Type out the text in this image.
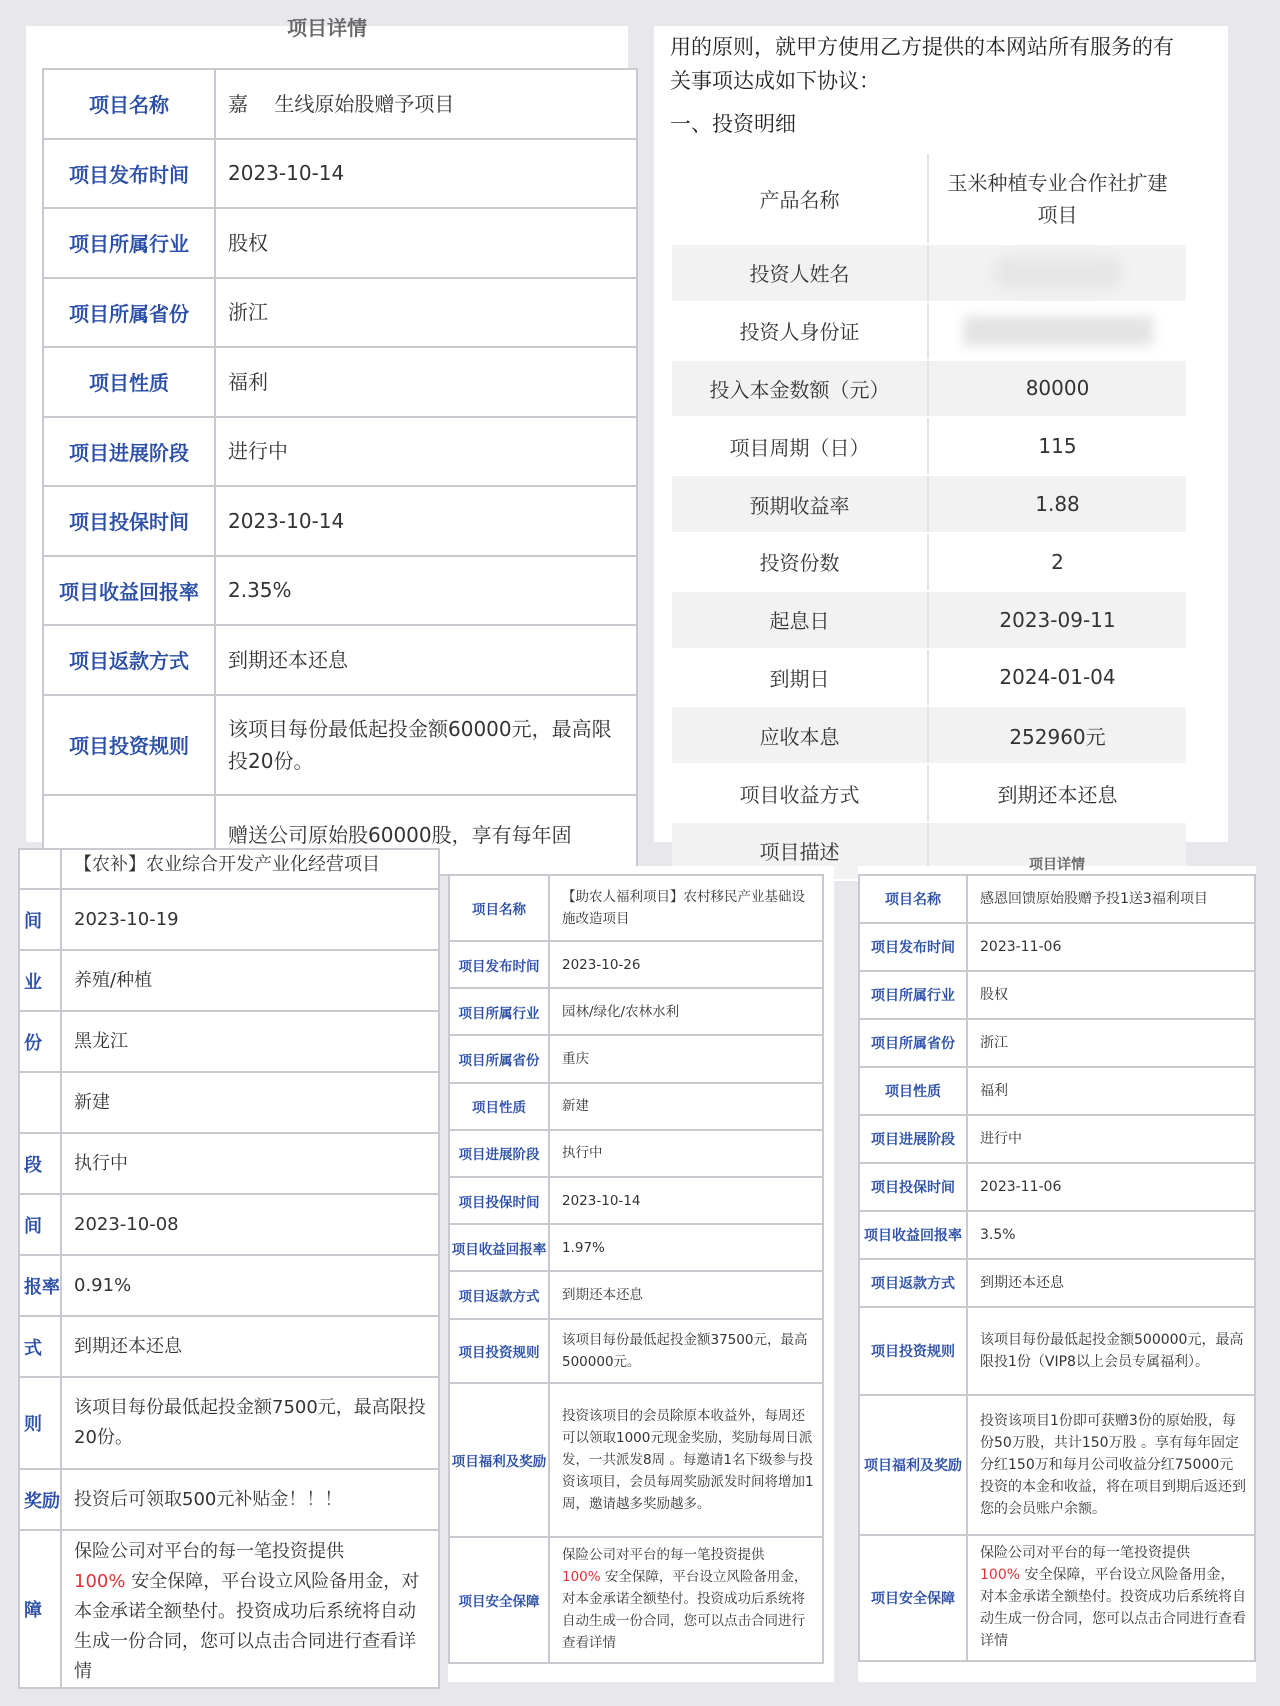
项目详情
项目名称	嘉　 生线原始股赠予项目
项目发布时间	2023-10-14
项目所属行业	股权
项目所属省份	浙江
项目性质	福利
项目进展阶段	进行中
项目投保时间	2023-10-14
项目收益回报率	2.35%
项目返款方式	到期还本还息
项目投资规则	该项目每份最低起投金额60000元，最高限投20份。
	赠送公司原始股60000股，享有每年固
用的原则，就甲方使用乙方提供的本网站所有服务的有关事项达成如下协议：
一、投资明细
产品名称	玉米种植专业合作社扩建项目
投资人姓名	
投资人身份证	
投入本金数额（元）	80000
项目周期（日）	115
预期收益率	1.88
投资份数	2
起息日	2023-09-11
到期日	2024-01-04
应收本息	252960元
项目收益方式	到期还本还息
项目描述	
	【农补】农业综合开发产业化经营项目

间	2023-10-19
业	养殖/种植
份	黑龙江
	新建
段	执行中
间	2023-10-08
报率	0.91%
式	到期还本还息
则	该项目每份最低起投金额7500元，最高限投20份。
奖励	投资后可领取500元补贴金！！！
障	保险公司对平台的每一笔投资提供
100% 安全保障，平台设立风险备用金，对本金承诺全额垫付。投资成功后系统将自动生成一份合同，您可以点击合同进行查看详情
项目名称	【助农人福利项目】农村移民产业基础设施改造项目
项目发布时间	2023-10-26
项目所属行业	园林/绿化/农林水利
项目所属省份	重庆
项目性质	新建
项目进展阶段	执行中
项目投保时间	2023-10-14
项目收益回报率	1.97%
项目返款方式	到期还本还息
项目投资规则	该项目每份最低起投金额37500元，最高500000元。
项目福利及奖励	投资该项目的会员除原本收益外，每周还可以领取1000元现金奖励，奖励每周日派发，一共派发8周 。每邀请1名下级参与投资该项目，会员每周奖励派发时间将增加1周，邀请越多奖励越多。
项目安全保障	保险公司对平台的每一笔投资提供
100% 安全保障，平台设立风险备用金，对本金承诺全额垫付。投资成功后系统将自动生成一份合同，您可以点击合同进行查看详情
项目详情
项目名称	感恩回馈原始股赠予投1送3福利项目
项目发布时间	2023-11-06
项目所属行业	股权
项目所属省份	浙江
项目性质	福利
项目进展阶段	进行中
项目投保时间	2023-11-06
项目收益回报率	3.5%
项目返款方式	到期还本还息
项目投资规则	该项目每份最低起投金额500000元，最高限投1份（VIP8以上会员专属福利）。
项目福利及奖励	投资该项目1份即可获赠3份的原始股，每份50万股，共计150万股 。享有每年固定分红150万和每月公司收益分红75000元 投资的本金和收益，将在项目到期后返还到您的会员账户余额。
项目安全保障	保险公司对平台的每一笔投资提供
100% 安全保障，平台设立风险备用金，对本金承诺全额垫付。投资成功后系统将自动生成一份合同，您可以点击合同进行查看详情
